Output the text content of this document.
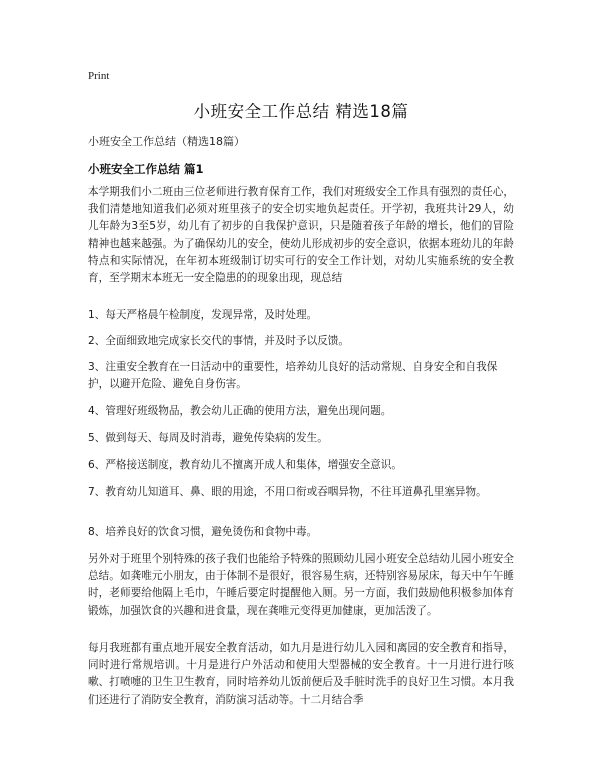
Print
小班安全工作总结 精选18篇
小班安全工作总结（精选18篇）
小班安全工作总结 篇1

本学期我们小二班由三位老师进行教育保育工作，我们对班级安全工作具有强烈的责任心，我们清楚地知道我们必须对班里孩子的安全切实地负起责任。开学初，我班共计29人，幼儿年龄为3至5岁，幼儿有了初步的自我保护意识，只是随着孩子年龄的增长，他们的冒险精神也越来越强。为了确保幼儿的安全，使幼儿形成初步的安全意识，依据本班幼儿的年龄特点和实际情况，在年初本班级制订切实可行的安全工作计划，对幼儿实施系统的安全教育，至学期末本班无一安全隐患的的现象出现，现总结

1、每天严格晨午检制度，发现异常，及时处理。

2、全面细致地完成家长交代的事情，并及时予以反馈。

3、注重安全教育在一日活动中的重要性，培养幼儿良好的活动常规、自身安全和自我保护，以避开危险、避免自身伤害。

4、管理好班级物品，教会幼儿正确的使用方法，避免出现问题。

5、做到每天、每周及时消毒，避免传染病的发生。

6、严格接送制度，教育幼儿不擅离开成人和集体，增强安全意识。

7、教育幼儿知道耳、鼻、眼的用途，不用口衔或吞咽异物，不往耳道鼻孔里塞异物。

8、培养良好的饮食习惯，避免烫伤和食物中毒。

另外对于班里个别特殊的孩子我们也能给予特殊的照顾幼儿园小班安全总结幼儿园小班安全总结。如龚唯元小朋友，由于体制不是很好，很容易生病，还特别容易尿床，每天中午午睡时，老师要给他隔上毛巾，午睡后要定时提醒他入厕。另一方面，我们鼓励他积极参加体育锻炼，加强饮食的兴趣和进食量，现在龚唯元变得更加健康，更加活泼了。

每月我班都有重点地开展安全教育活动，如九月是进行幼儿入园和离园的安全教育和指导，同时进行常规培训。十月是进行户外活动和使用大型器械的安全教育。十一月进行进行咳嗽、打喷嚏的卫生卫生教育，同时培养幼儿饭前便后及手脏时洗手的良好卫生习惯。本月我们还进行了消防安全教育，消防演习活动等。十二月结合季
